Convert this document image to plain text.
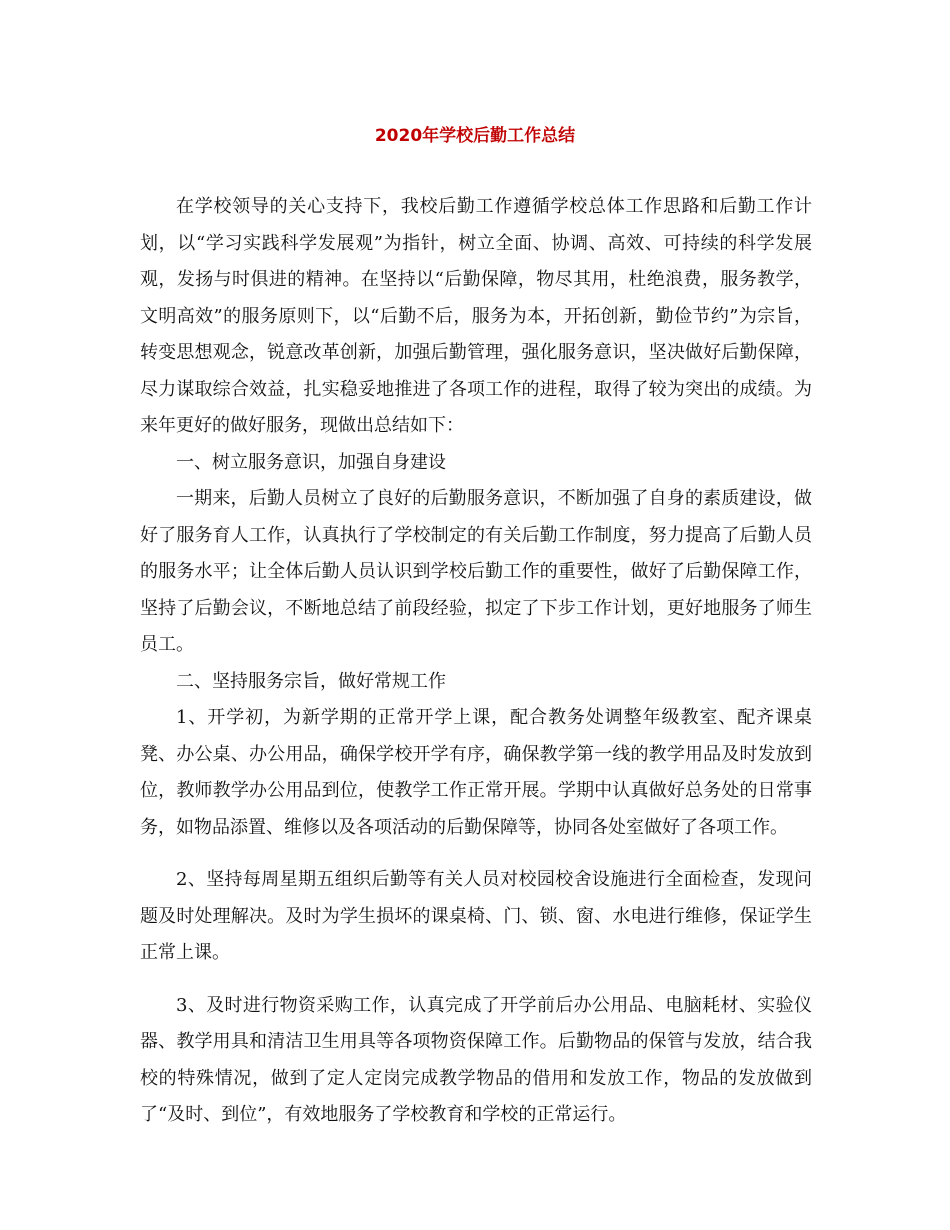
2020年学校后勤工作总结

在学校领导的关心支持下，我校后勤工作遵循学校总体工作思路和后勤工作计划，以“学习实践科学发展观”为指针，树立全面、协调、高效、可持续的科学发展观，发扬与时俱进的精神。在坚持以“后勤保障，物尽其用，杜绝浪费，服务教学，文明高效”的服务原则下，以“后勤不后，服务为本，开拓创新，勤俭节约”为宗旨，转变思想观念，锐意改革创新，加强后勤管理，强化服务意识，坚决做好后勤保障，尽力谋取综合效益，扎实稳妥地推进了各项工作的进程，取得了较为突出的成绩。为来年更好的做好服务，现做出总结如下：

一、树立服务意识，加强自身建设

一期来，后勤人员树立了良好的后勤服务意识，不断加强了自身的素质建设，做好了服务育人工作，认真执行了学校制定的有关后勤工作制度，努力提高了后勤人员的服务水平；让全体后勤人员认识到学校后勤工作的重要性，做好了后勤保障工作，坚持了后勤会议，不断地总结了前段经验，拟定了下步工作计划，更好地服务了师生员工。

二、坚持服务宗旨，做好常规工作

1、开学初，为新学期的正常开学上课，配合教务处调整年级教室、配齐课桌凳、办公桌、办公用品，确保学校开学有序，确保教学第一线的教学用品及时发放到位，教师教学办公用品到位，使教学工作正常开展。学期中认真做好总务处的日常事务，如物品添置、维修以及各项活动的后勤保障等，协同各处室做好了各项工作。

2、坚持每周星期五组织后勤等有关人员对校园校舍设施进行全面检查，发现问题及时处理解决。及时为学生损坏的课桌椅、门、锁、窗、水电进行维修，保证学生正常上课。

3、及时进行物资采购工作，认真完成了开学前后办公用品、电脑耗材、实验仪器、教学用具和清洁卫生用具等各项物资保障工作。后勤物品的保管与发放，结合我校的特殊情况，做到了定人定岗完成教学物品的借用和发放工作，物品的发放做到了“及时、到位”，有效地服务了学校教育和学校的正常运行。
